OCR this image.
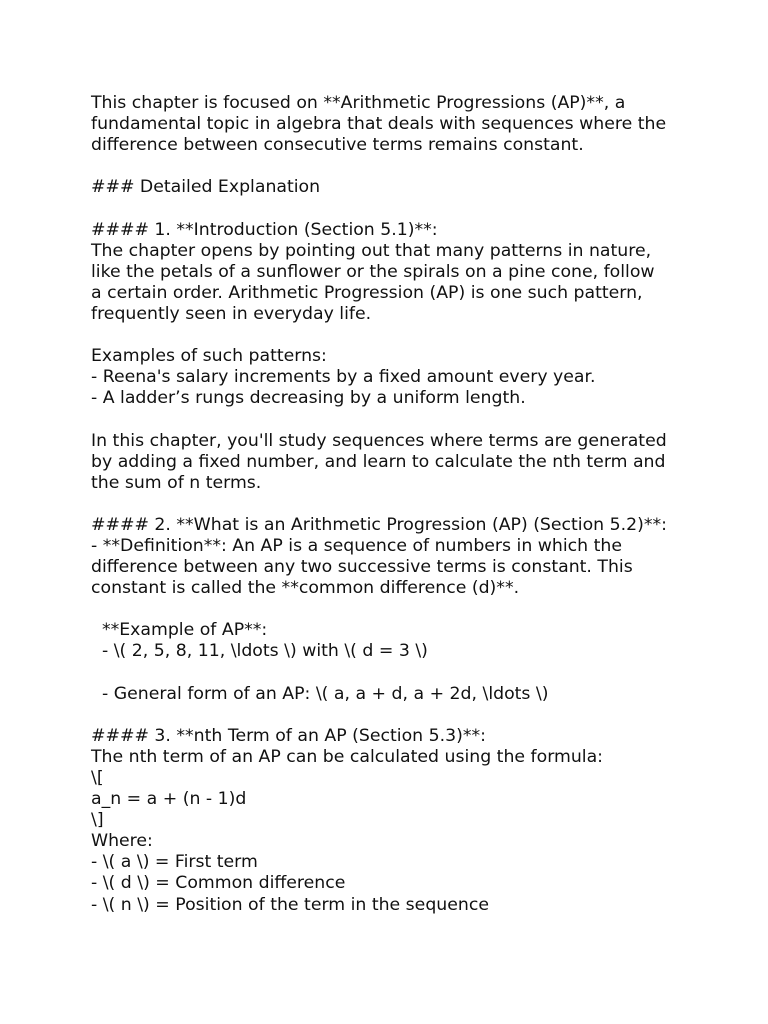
This chapter is focused on **Arithmetic Progressions (AP)**, a
fundamental topic in algebra that deals with sequences where the
difference between consecutive terms remains constant.
### Detailed Explanation
#### 1. **Introduction (Section 5.1)**:
The chapter opens by pointing out that many patterns in nature,
like the petals of a sunflower or the spirals on a pine cone, follow
a certain order. Arithmetic Progression (AP) is one such pattern,
frequently seen in everyday life.
Examples of such patterns:
- Reena's salary increments by a fixed amount every year.
- A ladder’s rungs decreasing by a uniform length.
In this chapter, you'll study sequences where terms are generated
by adding a fixed number, and learn to calculate the nth term and
the sum of n terms.
#### 2. **What is an Arithmetic Progression (AP) (Section 5.2)**:
- **Definition**: An AP is a sequence of numbers in which the
difference between any two successive terms is constant. This
constant is called the **common difference (d)**.
**Example of AP**:
- \( 2, 5, 8, 11, \ldots \) with \( d = 3 \)
- General form of an AP: \( a, a + d, a + 2d, \ldots \)
#### 3. **nth Term of an AP (Section 5.3)**:
The nth term of an AP can be calculated using the formula:
\[
a_n = a + (n - 1)d
\]
Where:
- \( a \) = First term
- \( d \) = Common difference
- \( n \) = Position of the term in the sequence
